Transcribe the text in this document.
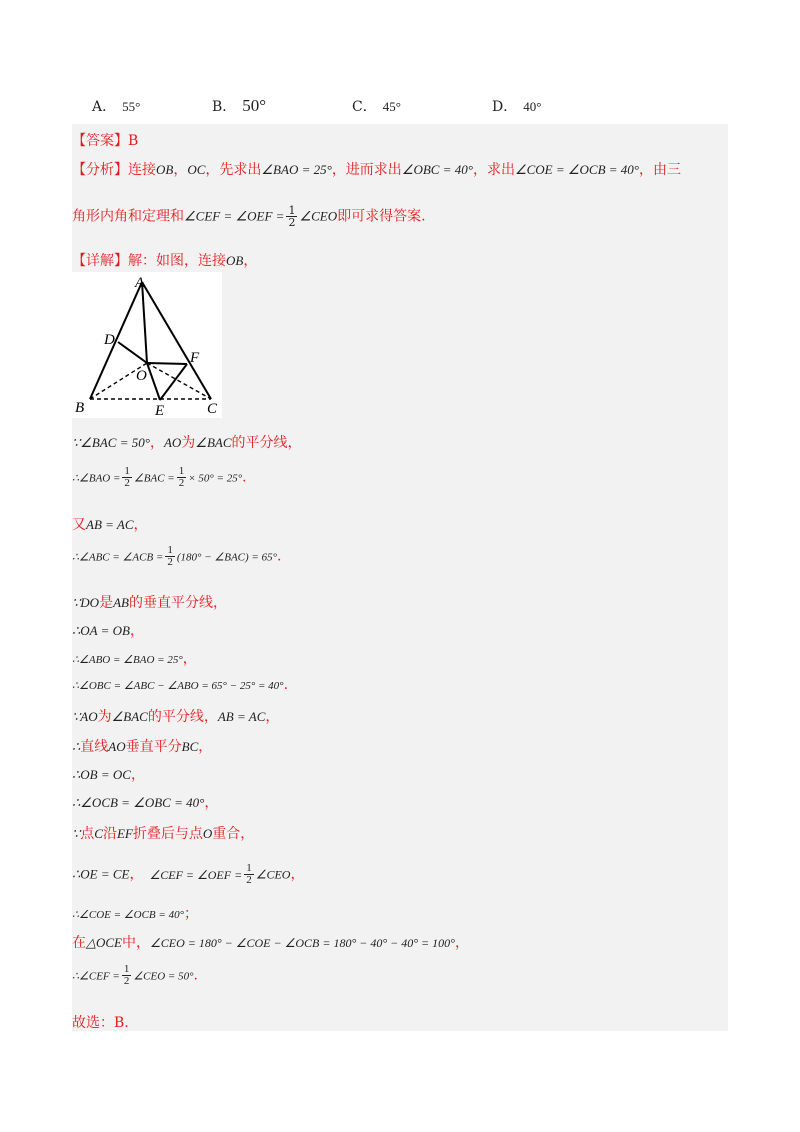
A． 55°	B． 50°	C． 45°	D． 40°
【答案】B
【分析】连接OB，OC，先求出∠BAO = 25°，进而求出∠OBC = 40°，求出∠COE = ∠OCB = 40°，由三
角形内角和定理和∠CEF = ∠OEF = $\frac{1}{2}$ ∠CEO即可求得答案.
【详解】解：如图，连接OB，
A
D
F
O
B	E	C
∵∠BAC = 50°，AO为∠BAC的平分线，
∴∠BAO = $\frac{1}{2}$ ∠BAC = $\frac{1}{2} \times 50^\circ = 25^\circ$.
又AB = AC，
∴∠ABC = ∠ACB = $\frac{1}{2} (180^\circ$ − ∠BAC) = 65°.
∵DO是AB的垂直平分线，
∴OA = OB，
∴∠ABO = ∠BAO = 25°，
∴∠OBC = ∠ABC − ∠ABO = 65° − 25° = 40°.
∵AO为∠BAC的平分线，AB = AC，
∴直线AO垂直平分BC，
∴OB = OC，
∴∠OCB = ∠OBC = 40°，
∵点C沿EF折叠后与点O重合，
∴OE = CE， ∠CEF = ∠OEF = $\frac{1}{2}$ ∠CEO，
∴∠COE = ∠OCB = 40°；
在△OCE中，∠CEO = 180° − ∠COE − ∠OCB = 180° − 40° − 40° = 100°，
∴∠CEF = $\frac{1}{2}$ ∠CEO = 50°.
故选：B.
